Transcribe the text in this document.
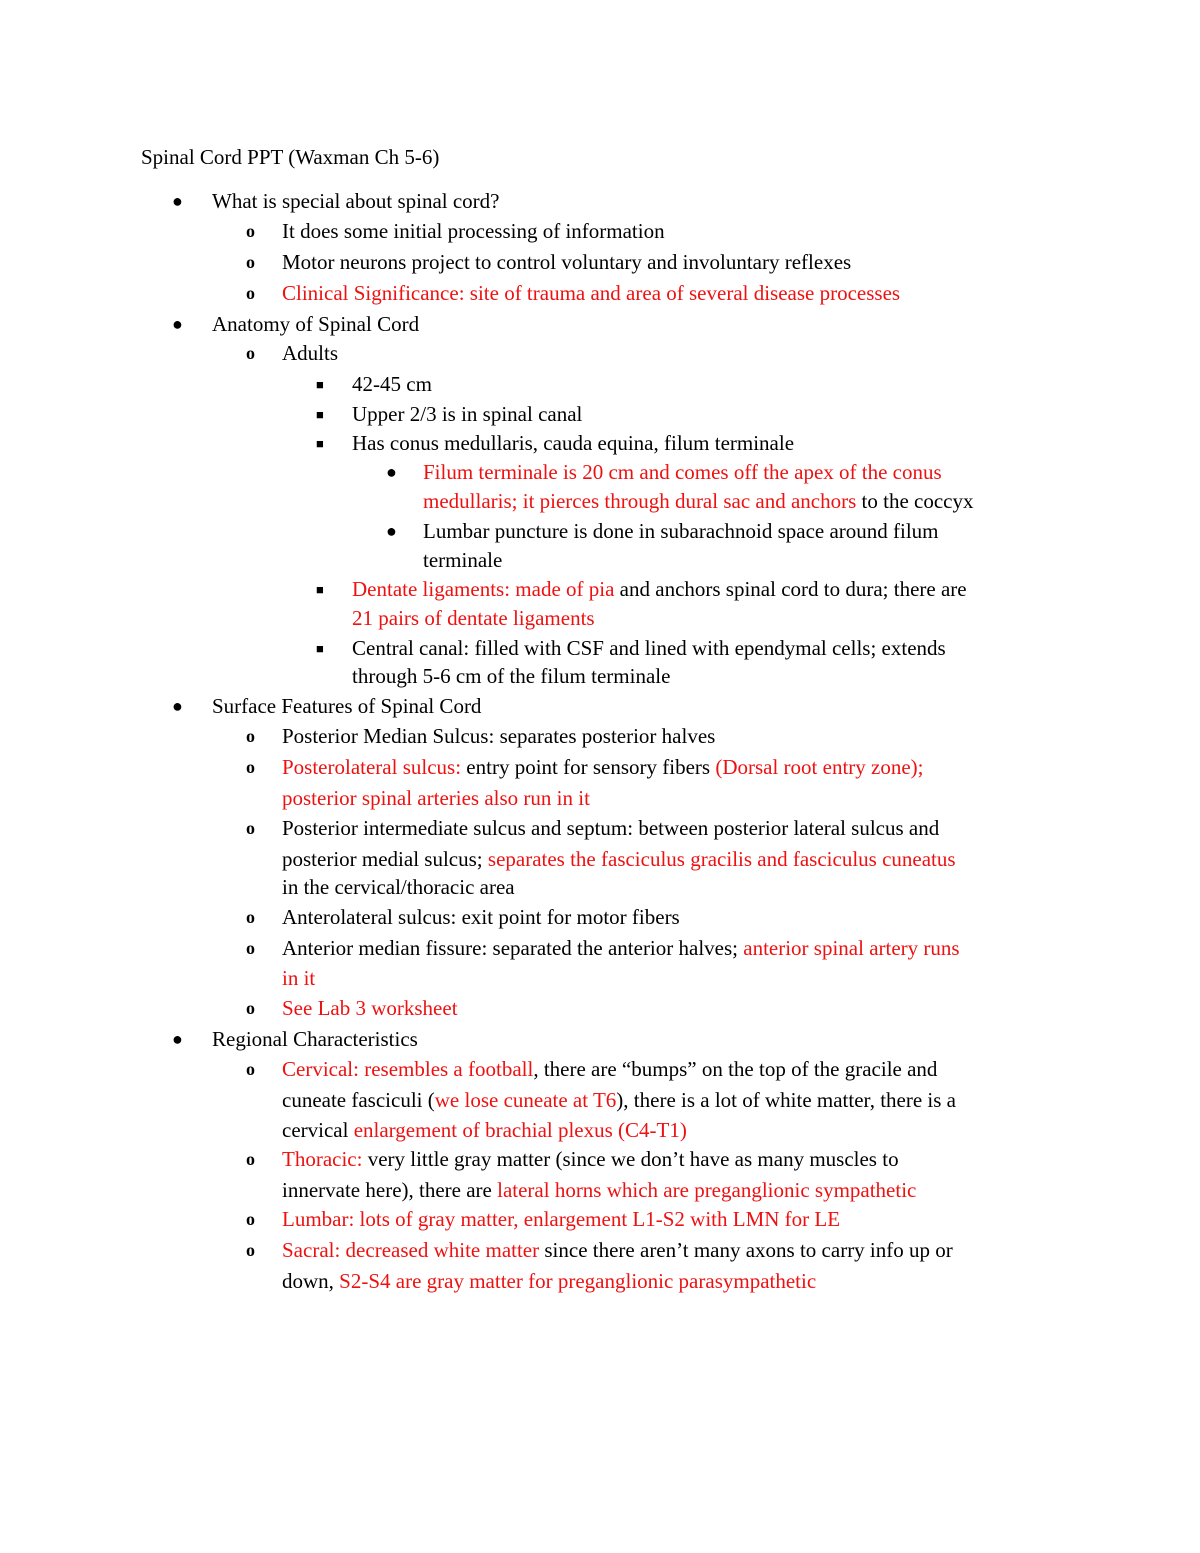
Spinal Cord PPT (Waxman Ch 5-6)
● What is special about spinal cord?
o It does some initial processing of information
o Motor neurons project to control voluntary and involuntary reflexes
o Clinical Significance: site of trauma and area of several disease processes
● Anatomy of Spinal Cord
o Adults
■ 42-45 cm
■ Upper 2/3 is in spinal canal
■ Has conus medullaris, cauda equina, filum terminale
● Filum terminale is 20 cm and comes off the apex of the conus
medullaris; it pierces through dural sac and anchors to the coccyx
● Lumbar puncture is done in subarachnoid space around filum
terminale
■ Dentate ligaments: made of pia and anchors spinal cord to dura; there are
21 pairs of dentate ligaments
■ Central canal: filled with CSF and lined with ependymal cells; extends
through 5-6 cm of the filum terminale
● Surface Features of Spinal Cord
o Posterior Median Sulcus: separates posterior halves
o Posterolateral sulcus: entry point for sensory fibers (Dorsal root entry zone);
posterior spinal arteries also run in it
o Posterior intermediate sulcus and septum: between posterior lateral sulcus and
posterior medial sulcus; separates the fasciculus gracilis and fasciculus cuneatus
in the cervical/thoracic area
o Anterolateral sulcus: exit point for motor fibers
o Anterior median fissure: separated the anterior halves; anterior spinal artery runs
in it
o See Lab 3 worksheet
● Regional Characteristics
o Cervical: resembles a football, there are “bumps” on the top of the gracile and
cuneate fasciculi (we lose cuneate at T6), there is a lot of white matter, there is a
cervical enlargement of brachial plexus (C4-T1)
o Thoracic: very little gray matter (since we don’t have as many muscles to
innervate here), there are lateral horns which are preganglionic sympathetic
o Lumbar: lots of gray matter, enlargement L1-S2 with LMN for LE
o Sacral: decreased white matter since there aren’t many axons to carry info up or
down, S2-S4 are gray matter for preganglionic parasympathetic
